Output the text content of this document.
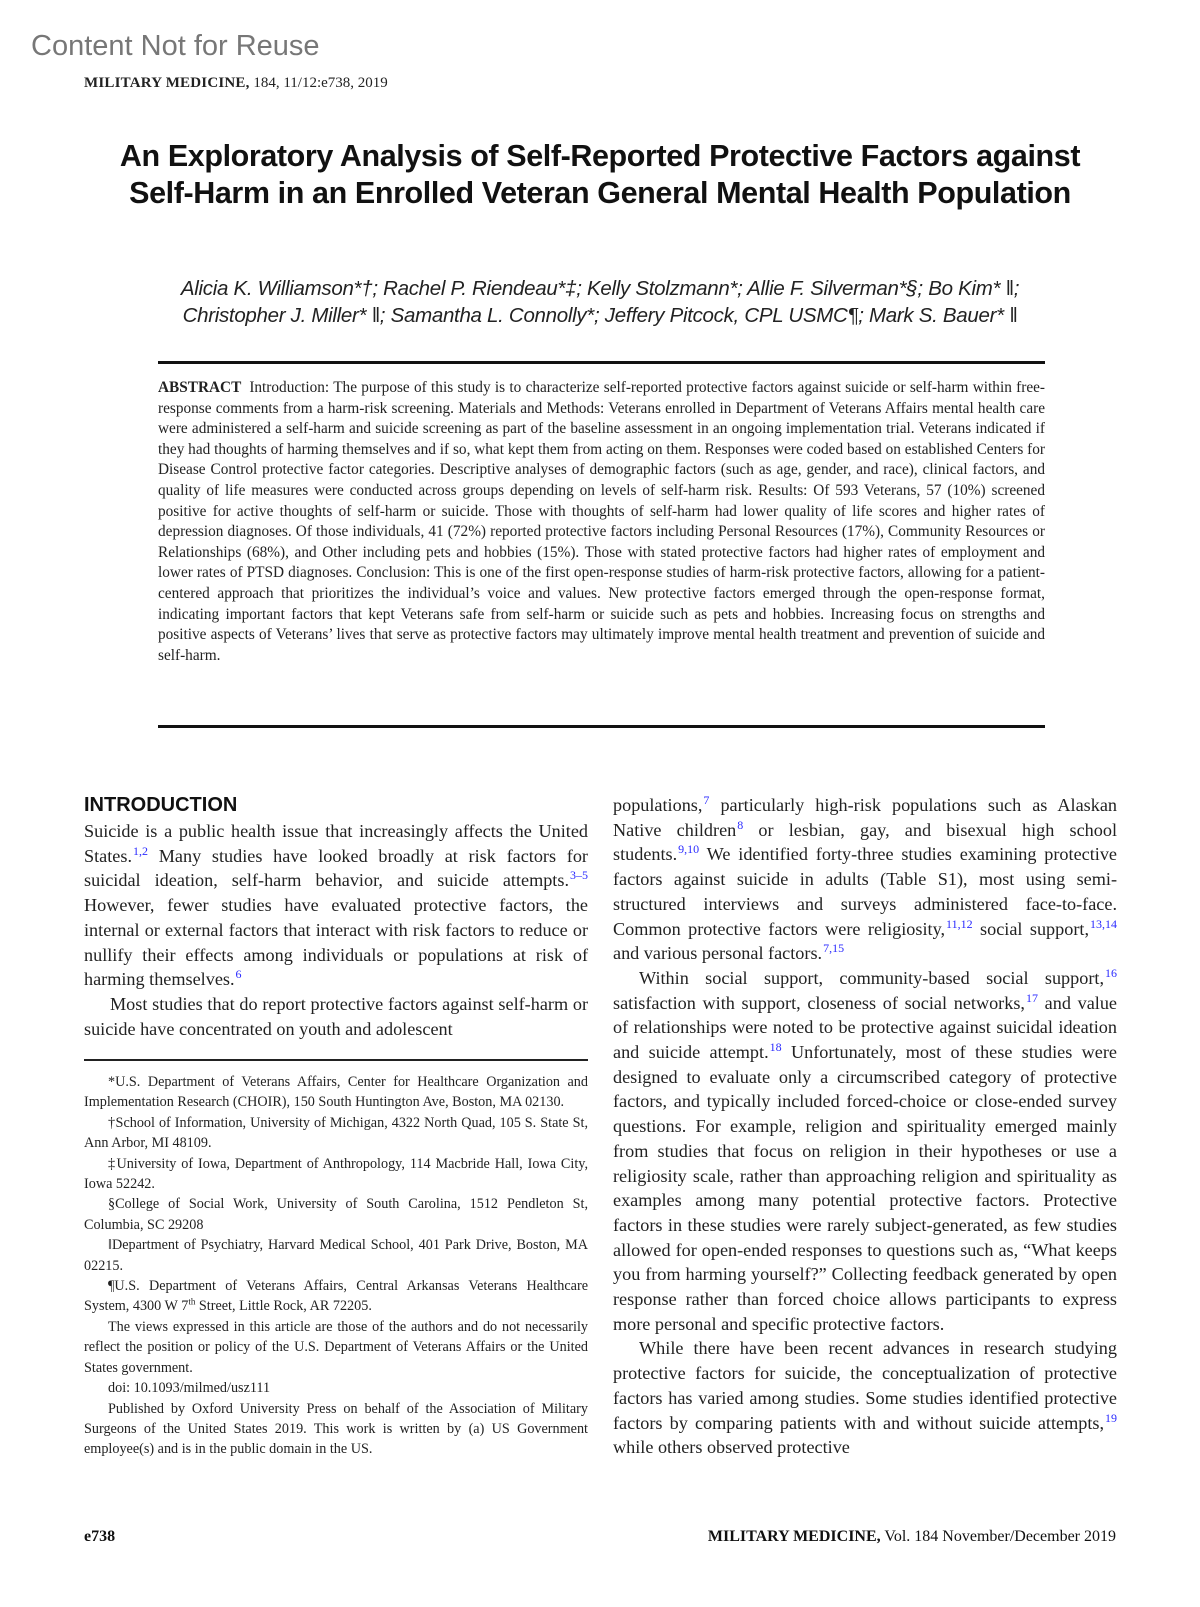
Content Not for Reuse
MILITARY MEDICINE, 184, 11/12:e738, 2019
An Exploratory Analysis of Self-Reported Protective Factors against Self-Harm in an Enrolled Veteran General Mental Health Population
Alicia K. Williamson*†; Rachel P. Riendeau*‡; Kelly Stolzmann*; Allie F. Silverman*§; Bo Kim* ‖;
Christopher J. Miller* ‖; Samantha L. Connolly*; Jeffery Pitcock, CPL USMC¶; Mark S. Bauer* ‖
ABSTRACT Introduction: The purpose of this study is to characterize self-reported protective factors against suicide or self-harm within free-response comments from a harm-risk screening. Materials and Methods: Veterans enrolled in Department of Veterans Affairs mental health care were administered a self-harm and suicide screening as part of the baseline assessment in an ongoing implementation trial. Veterans indicated if they had thoughts of harming themselves and if so, what kept them from acting on them. Responses were coded based on established Centers for Disease Control protective factor categories. Descriptive analyses of demographic factors (such as age, gender, and race), clinical factors, and quality of life measures were conducted across groups depending on levels of self-harm risk. Results: Of 593 Veterans, 57 (10%) screened positive for active thoughts of self-harm or suicide. Those with thoughts of self-harm had lower quality of life scores and higher rates of depression diagnoses. Of those individuals, 41 (72%) reported protective factors including Personal Resources (17%), Community Resources or Relationships (68%), and Other including pets and hobbies (15%). Those with stated protective factors had higher rates of employment and lower rates of PTSD diagnoses. Conclusion: This is one of the first open-response studies of harm-risk protective factors, allowing for a patient-centered approach that prioritizes the individual’s voice and values. New protective factors emerged through the open-response format, indicating important factors that kept Veterans safe from self-harm or suicide such as pets and hobbies. Increasing focus on strengths and positive aspects of Veterans’ lives that serve as protective factors may ultimately improve mental health treatment and prevention of suicide and self-harm.
INTRODUCTION

Suicide is a public health issue that increasingly affects the United States.$^{1,2}$ Many studies have looked broadly at risk factors for suicidal ideation, self-harm behavior, and suicide attempts.$^{3-5}$ However, fewer studies have evaluated protective factors, the internal or external factors that interact with risk factors to reduce or nullify their effects among individuals or populations at risk of harming themselves.$^6$

Most studies that do report protective factors against self-harm or suicide have concentrated on youth and adolescent

*U.S. Department of Veterans Affairs, Center for Healthcare Organization and Implementation Research (CHOIR), 150 South Huntington Ave, Boston, MA 02130.

†School of Information, University of Michigan, 4322 North Quad, 105 S. State St, Ann Arbor, MI 48109.

‡University of Iowa, Department of Anthropology, 114 Macbride Hall, Iowa City, Iowa 52242.

§College of Social Work, University of South Carolina, 1512 Pendleton St, Columbia, SC 29208

‖Department of Psychiatry, Harvard Medical School, 401 Park Drive, Boston, MA 02215.

¶U.S. Department of Veterans Affairs, Central Arkansas Veterans Healthcare System, 4300 W 7th Street, Little Rock, AR 72205.

The views expressed in this article are those of the authors and do not necessarily reflect the position or policy of the U.S. Department of Veterans Affairs or the United States government.

doi: 10.1093/milmed/usz111

Published by Oxford University Press on behalf of the Association of Military Surgeons of the United States 2019. This work is written by (a) US Government employee(s) and is in the public domain in the US.

populations,$^7$ particularly high-risk populations such as Alaskan Native children$^8$ or lesbian, gay, and bisexual high school students.$^{9,10}$ We identified forty-three studies examining protective factors against suicide in adults (Table S1), most using semi-structured interviews and surveys administered face-to-face. Common protective factors were religiosity,$^{11,12}$ social support,$^{13,14}$ and various personal factors.$^{7,15}$

Within social support, community-based social support,$^{16}$ satisfaction with support, closeness of social networks,$^{17}$ and value of relationships were noted to be protective against suicidal ideation and suicide attempt.$^{18}$ Unfortunately, most of these studies were designed to evaluate only a circumscribed category of protective factors, and typically included forced-choice or close-ended survey questions. For example, religion and spirituality emerged mainly from studies that focus on religion in their hypotheses or use a religiosity scale, rather than approaching religion and spirituality as examples among many potential protective factors. Protective factors in these studies were rarely subject-generated, as few studies allowed for open-ended responses to questions such as, “What keeps you from harming yourself?” Collecting feedback generated by open response rather than forced choice allows participants to express more personal and specific protective factors.

While there have been recent advances in research studying protective factors for suicide, the conceptualization of protective factors has varied among studies. Some studies identified protective factors by comparing patients with and without suicide attempts,$^{19}$ while others observed protective

e738	MILITARY MEDICINE, Vol. 184 November/December 2019
